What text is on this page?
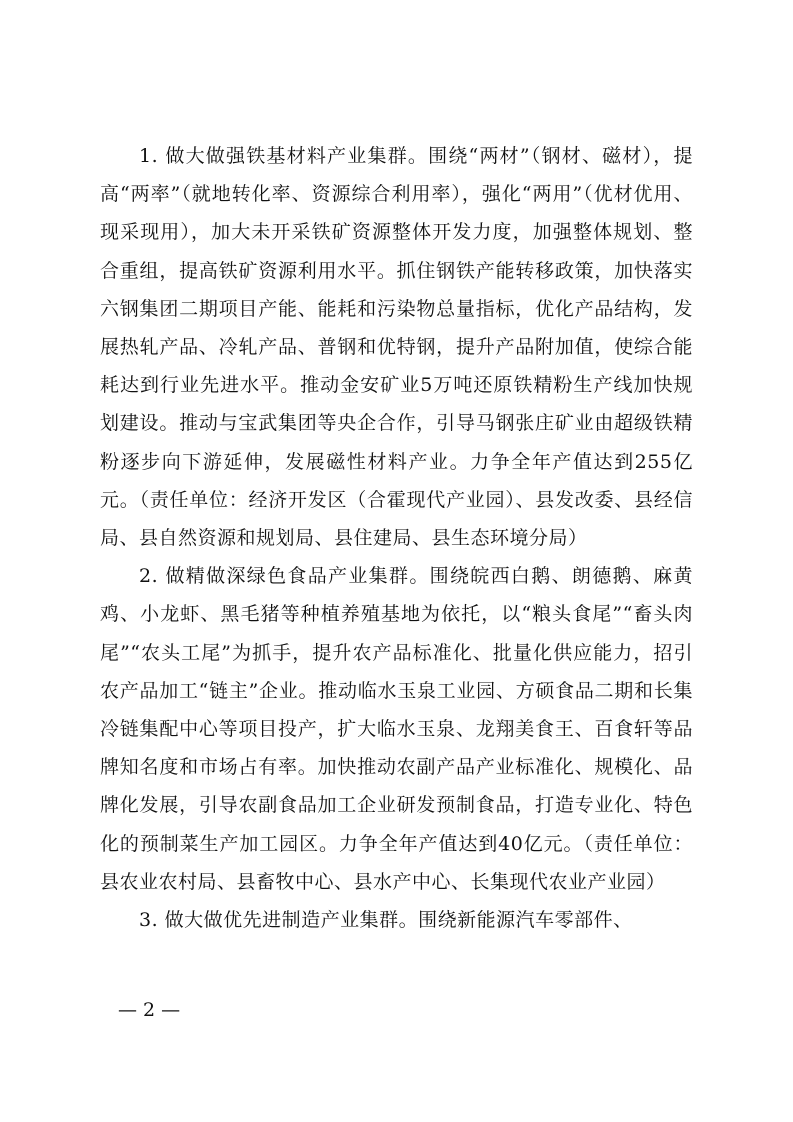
1. 做大做强铁基材料产业集群。围绕“两材”（钢材、磁材），提高“两率”（就地转化率、资源综合利用率），强化“两用”（优材优用、现采现用），加大未开采铁矿资源整体开发力度，加强整体规划、整合重组，提高铁矿资源利用水平。抓住钢铁产能转移政策，加快落实六钢集团二期项目产能、能耗和污染物总量指标，优化产品结构，发展热轧产品、冷轧产品、普钢和优特钢，提升产品附加值，使综合能耗达到行业先进水平。推动金安矿业5万吨还原铁精粉生产线加快规划建设。推动与宝武集团等央企合作，引导马钢张庄矿业由超级铁精粉逐步向下游延伸，发展磁性材料产业。力争全年产值达到255亿元。（责任单位：经济开发区（合霍现代产业园）、县发改委、县经信局、县自然资源和规划局、县住建局、县生态环境分局）

2. 做精做深绿色食品产业集群。围绕皖西白鹅、朗德鹅、麻黄鸡、小龙虾、黑毛猪等种植养殖基地为依托，以“粮头食尾”“畜头肉尾”“农头工尾”为抓手，提升农产品标准化、批量化供应能力，招引农产品加工“链主”企业。推动临水玉泉工业园、方硕食品二期和长集冷链集配中心等项目投产，扩大临水玉泉、龙翔美食王、百食轩等品牌知名度和市场占有率。加快推动农副产品产业标准化、规模化、品牌化发展，引导农副食品加工企业研发预制食品，打造专业化、特色化的预制菜生产加工园区。力争全年产值达到40亿元。（责任单位：县农业农村局、县畜牧中心、县水产中心、长集现代农业产业园）

3. 做大做优先进制造产业集群。围绕新能源汽车零部件、

— 2 —
